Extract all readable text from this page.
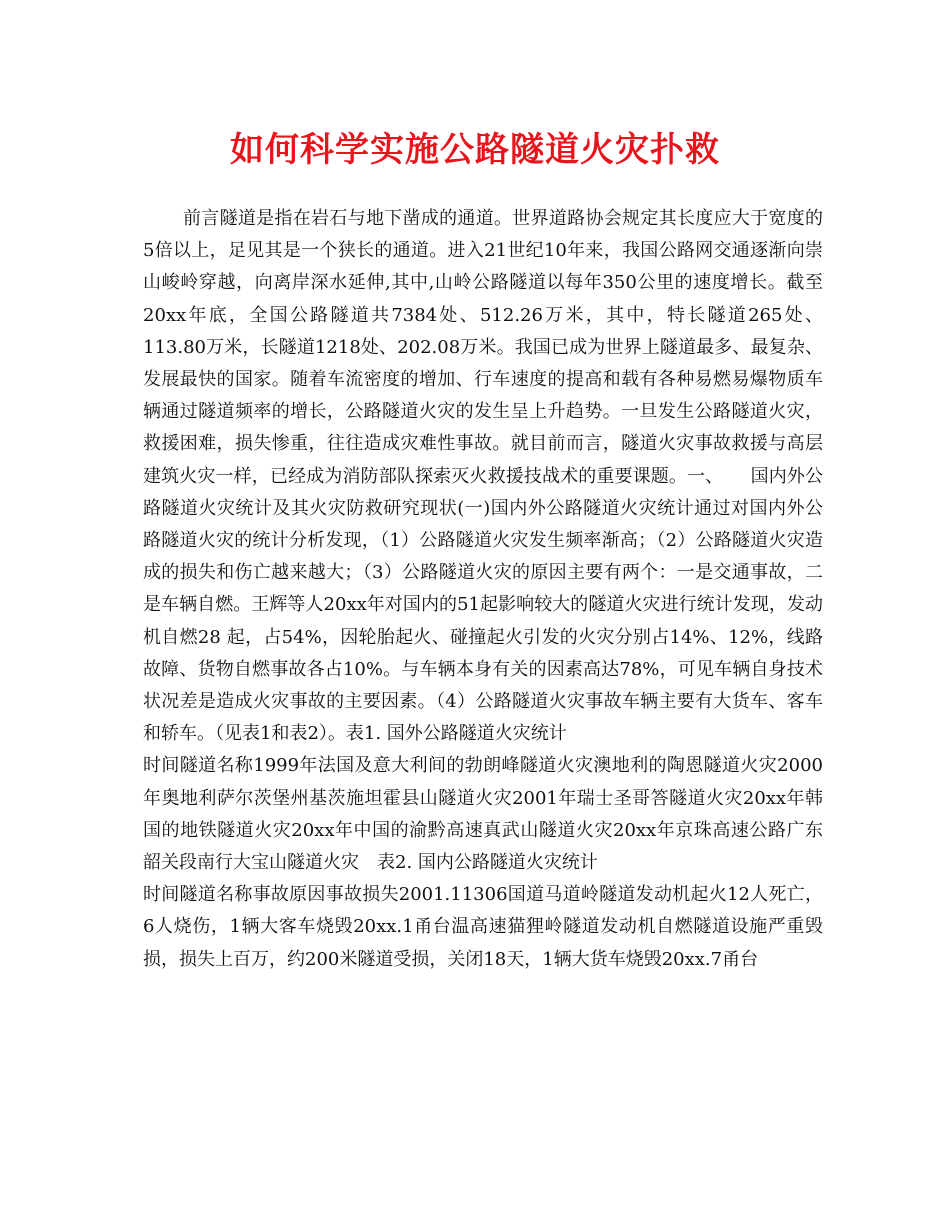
如何科学实施公路隧道火灾扑救

前言隧道是指在岩石与地下凿成的通道。世界道路协会规定其长度应大于宽度的5倍以上，足见其是一个狭长的通道。进入21世纪10年来，我国公路网交通逐渐向崇山峻岭穿越，向离岸深水延伸,其中,山岭公路隧道以每年350公里的速度增长。截至20xx年底，全国公路隧道共7384处、512.26万米，其中，特长隧道265处、113.80万米，长隧道1218处、202.08万米。我国已成为世界上隧道最多、最复杂、发展最快的国家。随着车流密度的增加、行车速度的提高和载有各种易燃易爆物质车辆通过隧道频率的增长，公路隧道火灾的发生呈上升趋势。一旦发生公路隧道火灾，救援困难，损失惨重，往往造成灾难性事故。就目前而言，隧道火灾事故救援与高层建筑火灾一样，已经成为消防部队探索灭火救援技战术的重要课题。一、　　国内外公路隧道火灾统计及其火灾防救研究现状(一)国内外公路隧道火灾统计通过对国内外公路隧道火灾的统计分析发现，（1）公路隧道火灾发生频率渐高；（2）公路隧道火灾造成的损失和伤亡越来越大；（3）公路隧道火灾的原因主要有两个：一是交通事故，二是车辆自燃。王辉等人20xx年对国内的51起影响较大的隧道火灾进行统计发现，发动机自燃28 起，占54%，因轮胎起火、碰撞起火引发的火灾分别占14%、12%，线路故障、货物自燃事故各占10%。与车辆本身有关的因素高达78%，可见车辆自身技术状况差是造成火灾事故的主要因素。（4）公路隧道火灾事故车辆主要有大货车、客车和轿车。（见表1和表2）。表1. 国外公路隧道火灾统计

时间隧道名称1999年法国及意大利间的勃朗峰隧道火灾澳地利的陶恩隧道火灾2000年奥地利萨尔茨堡州基茨施坦霍县山隧道火灾2001年瑞士圣哥答隧道火灾20xx年韩国的地铁隧道火灾20xx年中国的渝黔高速真武山隧道火灾20xx年京珠高速公路广东韶关段南行大宝山隧道火灾　表2. 国内公路隧道火灾统计

时间隧道名称事故原因事故损失2001.11306国道马道岭隧道发动机起火12人死亡，6人烧伤，1辆大客车烧毁20xx.1甬台温高速猫狸岭隧道发动机自燃隧道设施严重毁损，损失上百万，约200米隧道受损，关闭18天，1辆大货车烧毁20xx.7甬台
